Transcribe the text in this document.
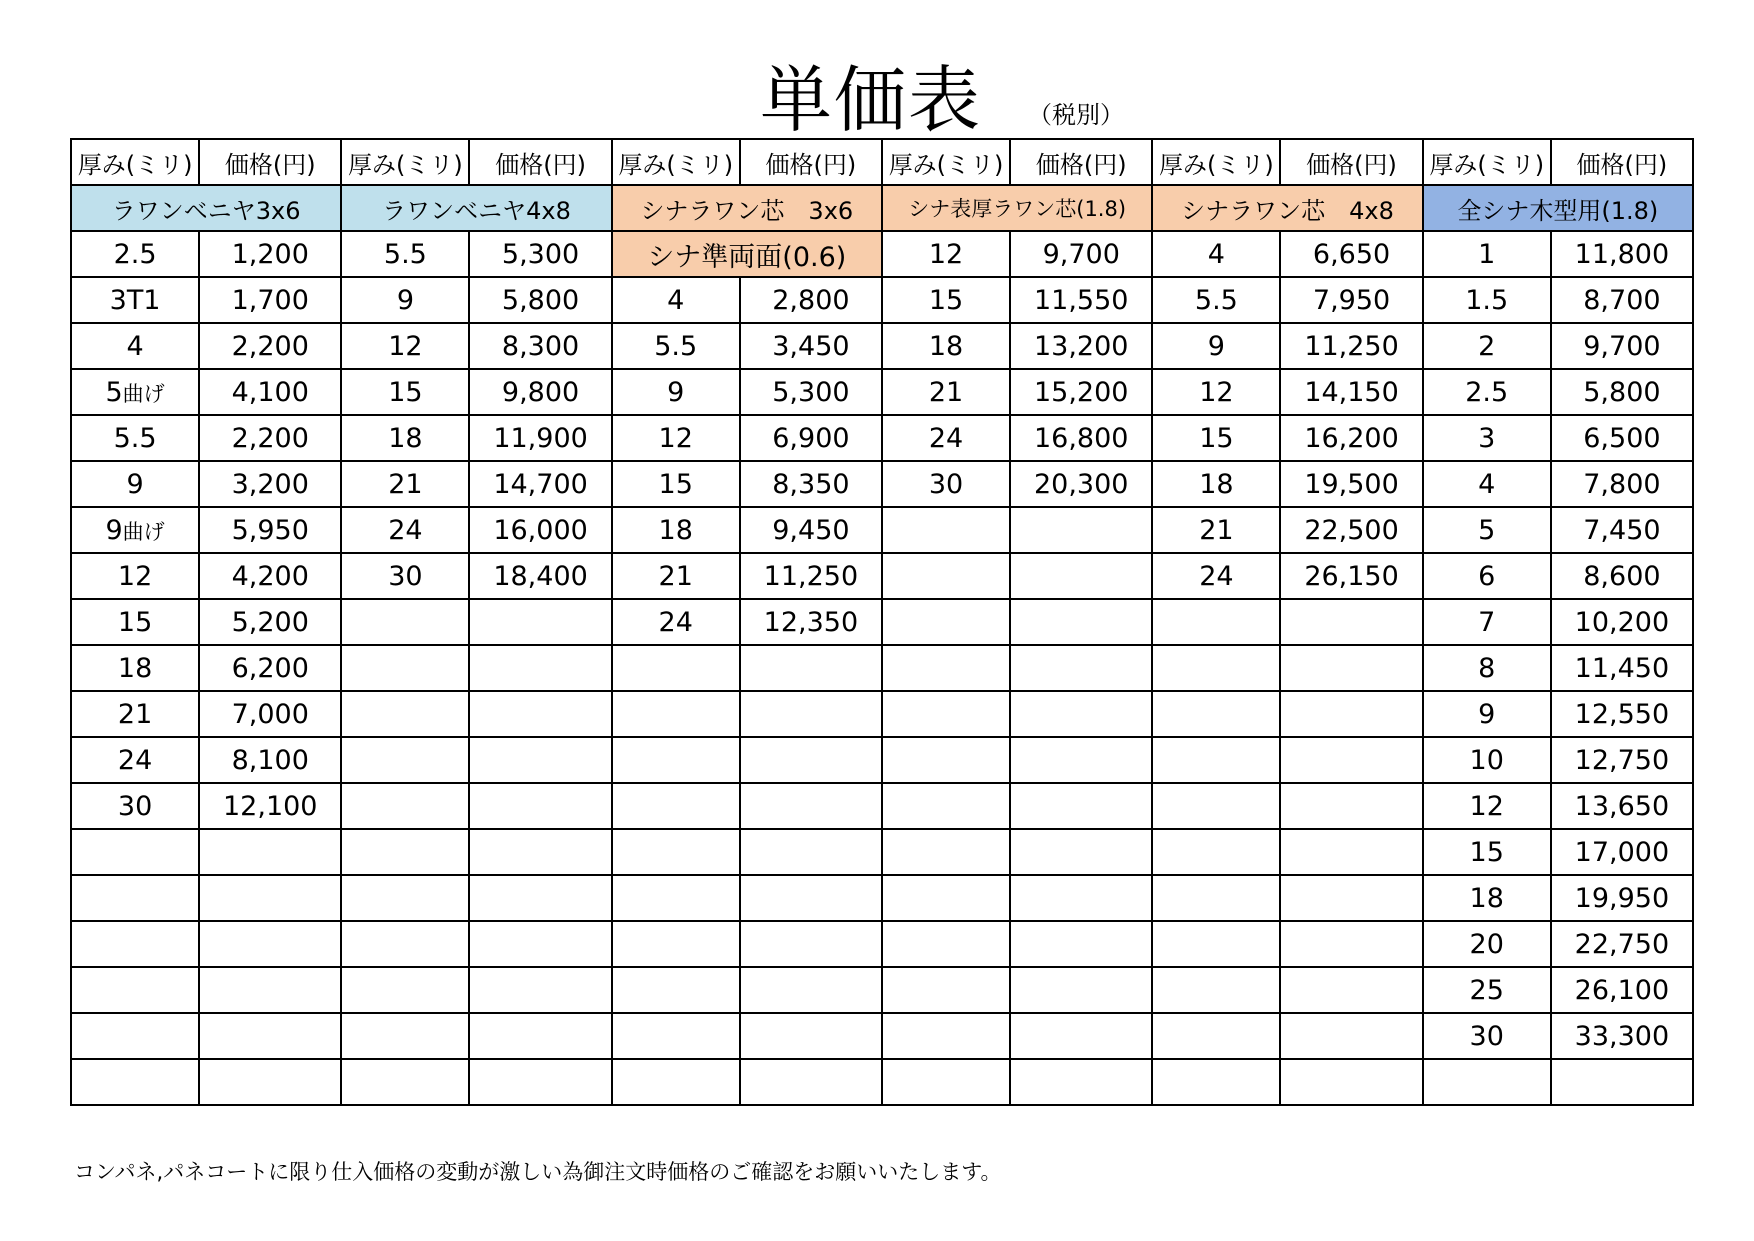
単価表 （税別）
厚み(ミリ)	価格(円)	厚み(ミリ)	価格(円)	厚み(ミリ)	価格(円)	厚み(ミリ)	価格(円)	厚み(ミリ)	価格(円)	厚み(ミリ)	価格(円)
ラワンベニヤ3x6		ラワンベニヤ4x8		シナラワン芯　3x6		シナ表厚ラワン芯(1.8)		シナラワン芯　4x8		全シナ木型用(1.8)	
2.5	1,200	5.5	5,300	シナ準両面(0.6)		12	9,700	4	6,650	1	11,800
3T1	1,700	9	5,800	4	2,800	15	11,550	5.5	7,950	1.5	8,700
4	2,200	12	8,300	5.5	3,450	18	13,200	9	11,250	2	9,700
5曲げ	4,100	15	9,800	9	5,300	21	15,200	12	14,150	2.5	5,800
5.5	2,200	18	11,900	12	6,900	24	16,800	15	16,200	3	6,500
9	3,200	21	14,700	15	8,350	30	20,300	18	19,500	4	7,800
9曲げ	5,950	24	16,000	18	9,450			21	22,500	5	7,450
12	4,200	30	18,400	21	11,250			24	26,150	6	8,600
15	5,200			24	12,350					7	10,200
18	6,200									8	11,450
21	7,000									9	12,550
24	8,100									10	12,750
30	12,100									12	13,650
										15	17,000
										18	19,950
										20	22,750
										25	26,100
										30	33,300

コンパネ,パネコートに限り仕入価格の変動が激しい為御注文時価格のご確認をお願いいたします。
